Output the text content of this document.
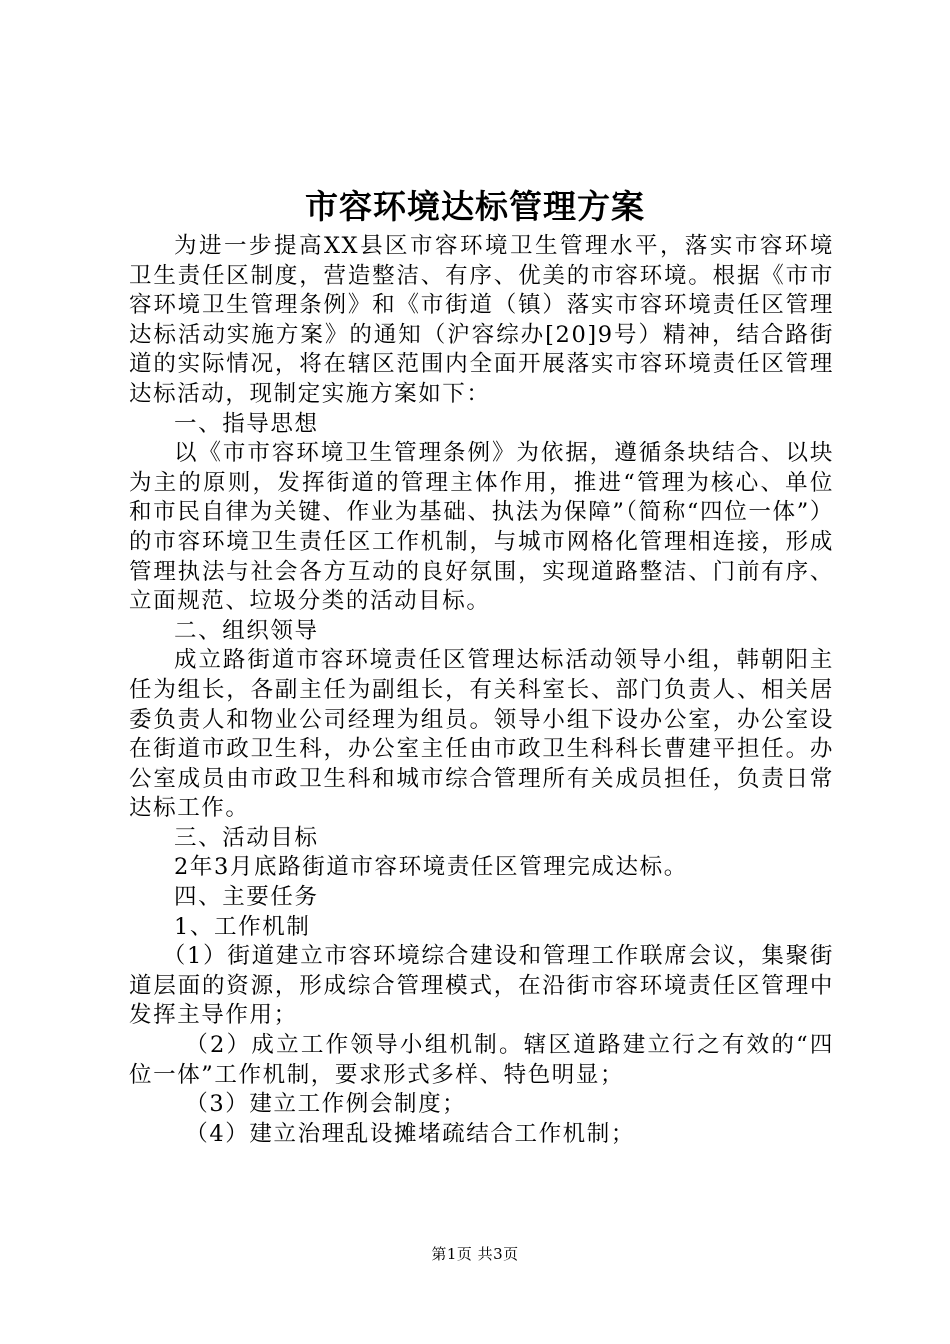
市容环境达标管理方案

为进一步提高XX县区市容环境卫生管理水平，落实市容环境卫生责任区制度，营造整洁、有序、优美的市容环境。根据《市市容环境卫生管理条例》和《市街道（镇）落实市容环境责任区管理达标活动实施方案》的通知（沪容综办[20]9号）精神，结合路街道的实际情况，将在辖区范围内全面开展落实市容环境责任区管理达标活动，现制定实施方案如下：

一、指导思想

以《市市容环境卫生管理条例》为依据，遵循条块结合、以块为主的原则，发挥街道的管理主体作用，推进“管理为核心、单位和市民自律为关键、作业为基础、执法为保障”（简称“四位一体”）的市容环境卫生责任区工作机制，与城市网格化管理相连接，形成管理执法与社会各方互动的良好氛围，实现道路整洁、门前有序、立面规范、垃圾分类的活动目标。

二、组织领导

成立路街道市容环境责任区管理达标活动领导小组，韩朝阳主任为组长，各副主任为副组长，有关科室长、部门负责人、相关居委负责人和物业公司经理为组员。领导小组下设办公室，办公室设在街道市政卫生科，办公室主任由市政卫生科科长曹建平担任。办公室成员由市政卫生科和城市综合管理所有关成员担任，负责日常达标工作。

三、活动目标

2年3月底路街道市容环境责任区管理完成达标。

四、主要任务

1、工作机制

（1）街道建立市容环境综合建设和管理工作联席会议，集聚街道层面的资源，形成综合管理模式，在沿街市容环境责任区管理中发挥主导作用；

（2）成立工作领导小组机制。辖区道路建立行之有效的“四位一体”工作机制，要求形式多样、特色明显；

（3）建立工作例会制度；

（4）建立治理乱设摊堵疏结合工作机制；

第1页 共3页
